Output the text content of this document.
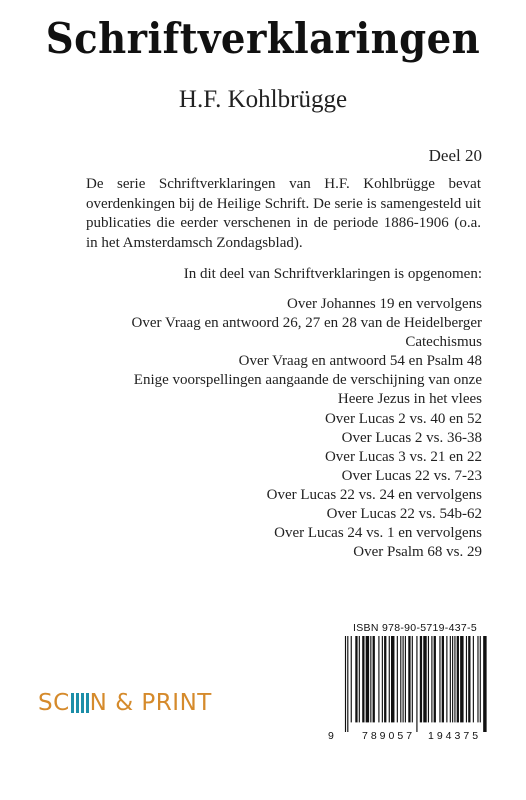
Schriftverklaringen
H.F. Kohlbrügge
Deel 20
De serie Schriftverklaringen van H.F. Kohlbrügge bevat overdenkingen bij de Heilige Schrift. De serie is samengesteld uit publicaties die eerder verschenen in de periode 1886-1906 (o.a. in het Amsterdamsch Zondagsblad).
In dit deel van Schriftverklaringen is opgenomen:
Over Johannes 19 en vervolgens
Over Vraag en antwoord 26, 27 en 28 van de Heidelberger Catechismus
Over Vraag en antwoord 54 en Psalm 48
Enige voorspellingen aangaande de verschijning van onze Heere Jezus in het vlees
Over Lucas 2 vs. 40 en 52
Over Lucas 2 vs. 36-38
Over Lucas 3 vs. 21 en 22
Over Lucas 22 vs. 7-23
Over Lucas 22 vs. 24 en vervolgens
Over Lucas 22 vs. 54b-62
Over Lucas 24 vs. 1 en vervolgens
Over Psalm 68 vs. 29
SC N & PRINT
ISBN 978-90-5719-437-5
9	789057 194375
